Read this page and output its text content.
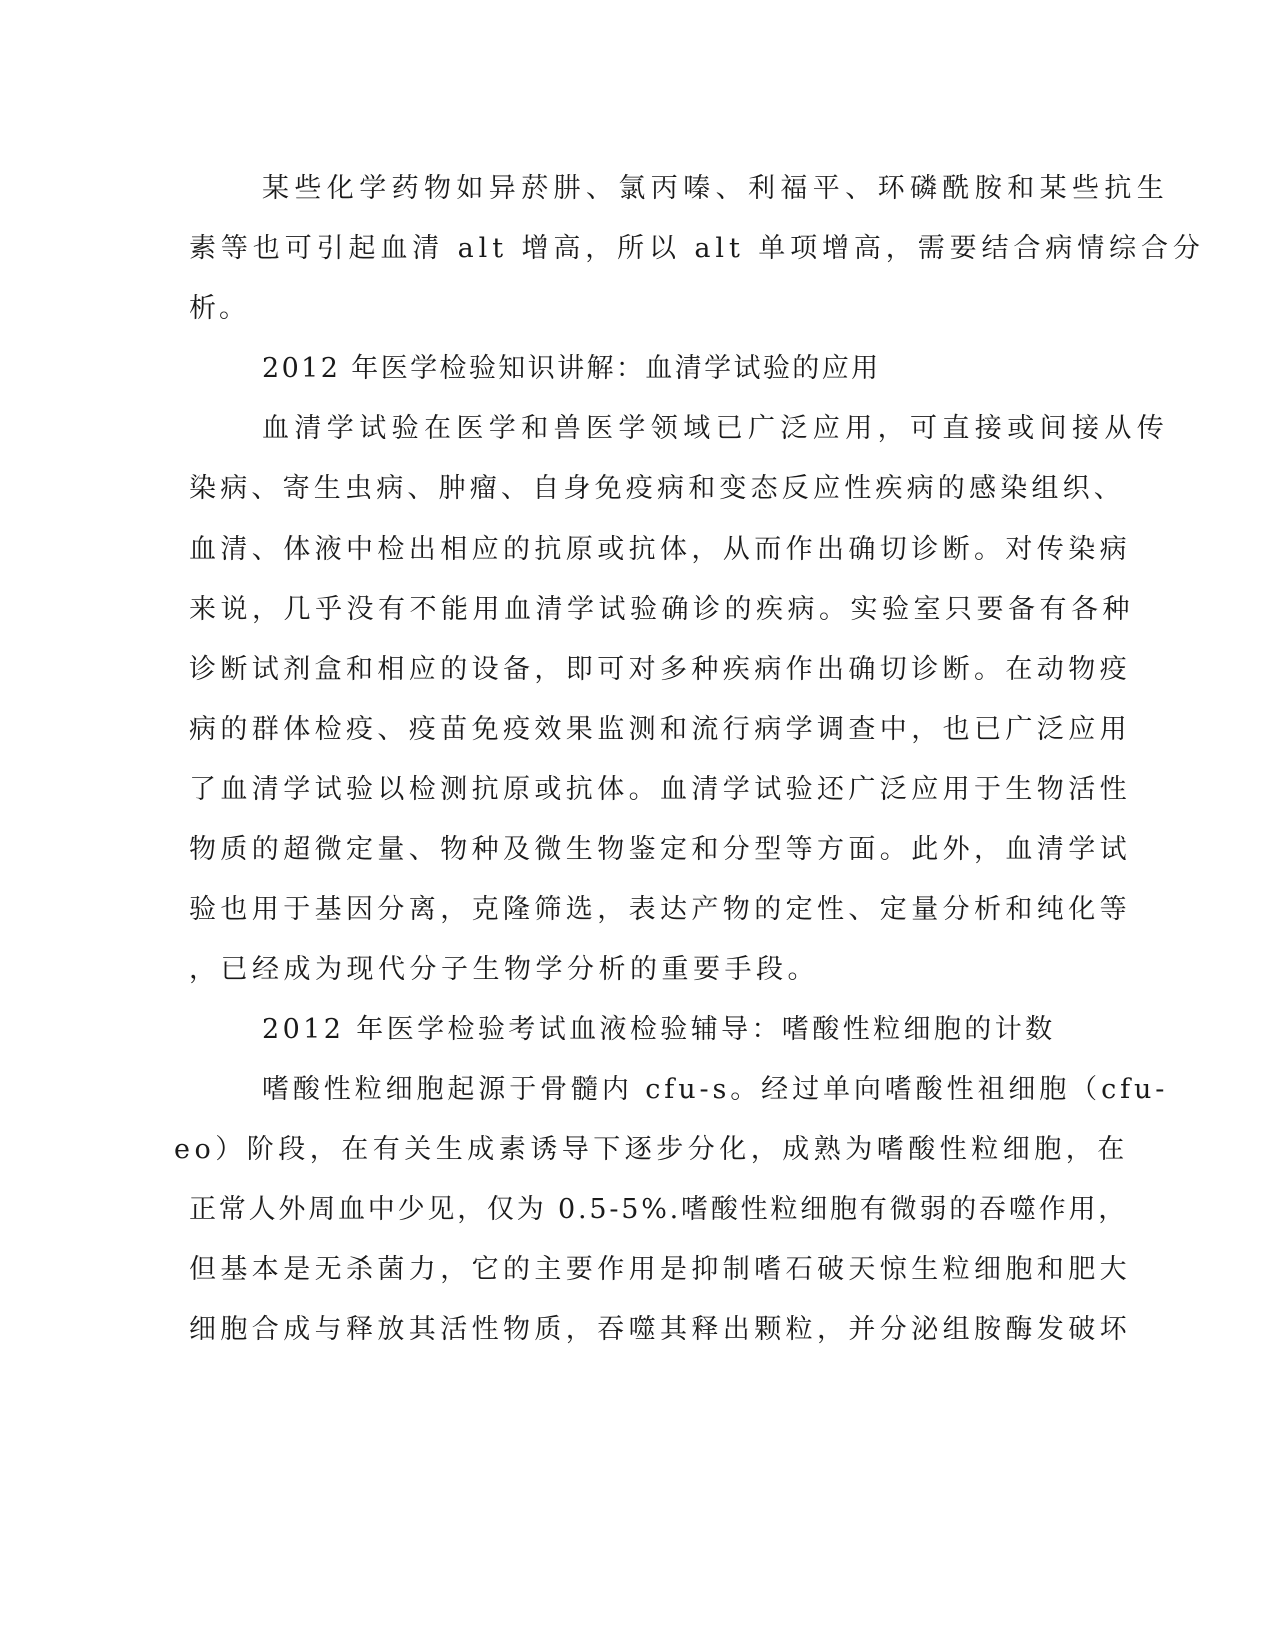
某些化学药物如异菸肼、氯丙嗪、利福平、环磷酰胺和某些抗生

素等也可引起血清 alt 增高，所以 alt 单项增高，需要结合病情综合分

析。

2012 年医学检验知识讲解：血清学试验的应用

血清学试验在医学和兽医学领域已广泛应用，可直接或间接从传

染病、寄生虫病、肿瘤、自身免疫病和变态反应性疾病的感染组织、

血清、体液中检出相应的抗原或抗体，从而作出确切诊断。对传染病

来说，几乎没有不能用血清学试验确诊的疾病。实验室只要备有各种

诊断试剂盒和相应的设备，即可对多种疾病作出确切诊断。在动物疫

病的群体检疫、疫苗免疫效果监测和流行病学调查中，也已广泛应用

了血清学试验以检测抗原或抗体。血清学试验还广泛应用于生物活性

物质的超微定量、物种及微生物鉴定和分型等方面。此外，血清学试

验也用于基因分离，克隆筛选，表达产物的定性、定量分析和纯化等

，已经成为现代分子生物学分析的重要手段。

2012 年医学检验考试血液检验辅导：嗜酸性粒细胞的计数

嗜酸性粒细胞起源于骨髓内 cfu-s。经过单向嗜酸性祖细胞（cfu-

eo）阶段，在有关生成素诱导下逐步分化，成熟为嗜酸性粒细胞，在

正常人外周血中少见，仅为 0.5-5%.嗜酸性粒细胞有微弱的吞噬作用，

但基本是无杀菌力，它的主要作用是抑制嗜石破天惊生粒细胞和肥大

细胞合成与释放其活性物质，吞噬其释出颗粒，并分泌组胺酶发破坏
